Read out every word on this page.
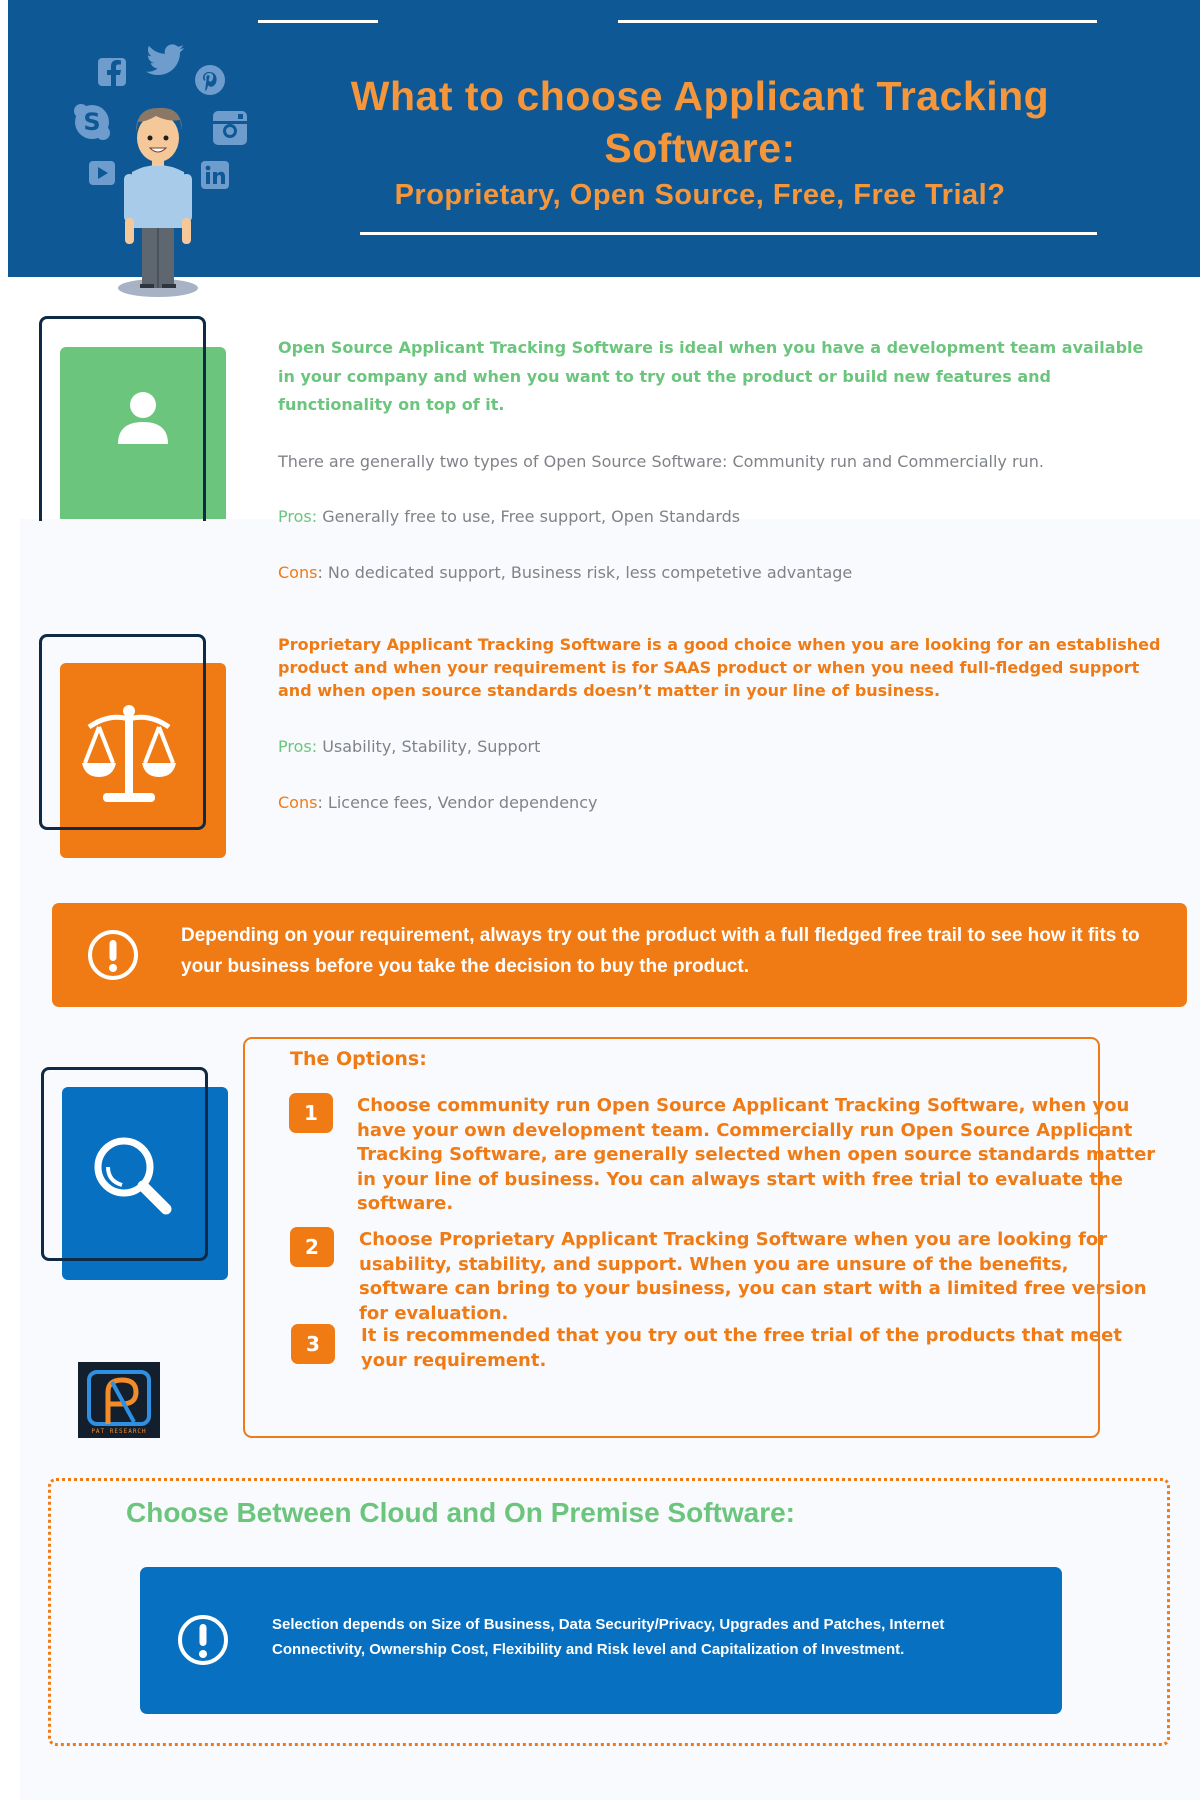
What to choose Applicant Tracking
Software:
Proprietary, Open Source, Free, Free Trial?
S
Open Source Applicant Tracking Software is ideal when you have a development team available in your company and when you want to try out the product or build new features and functionality on top of it.
There are generally two types of Open Source Software: Community run and Commercially run.
Pros: Generally free to use, Free support, Open Standards
Cons: No dedicated support, Business risk, less competetive advantage
Proprietary Applicant Tracking Software is a good choice when you are looking for an established product and when your requirement is for SAAS product or when you need full-fledged support and when open source standards doesn’t matter in your line of business.
Pros: Usability, Stability, Support
Cons: Licence fees, Vendor dependency
Depending on your requirement, always try out the product with a full fledged free trail to see how it fits to your business before you take the decision to buy the product.
The Options:
1	Choose community run Open Source Applicant Tracking Software, when you have your own development team. Commercially run Open Source Applicant Tracking Software, are generally selected when open source standards matter in your line of business. You can always start with free trial to evaluate the software.
2	Choose Proprietary Applicant Tracking Software when you are looking for usability, stability, and support. When you are unsure of the benefits, software can bring to your business, you can start with a limited free version for evaluation.
3	It is recommended that you try out the free trial of the products that meet your requirement.
PAT RESEARCH
Choose Between Cloud and On Premise Software:
Selection depends on Size of Business, Data Security/Privacy, Upgrades and Patches, Internet Connectivity, Ownership Cost, Flexibility and Risk level and Capitalization of Investment.
